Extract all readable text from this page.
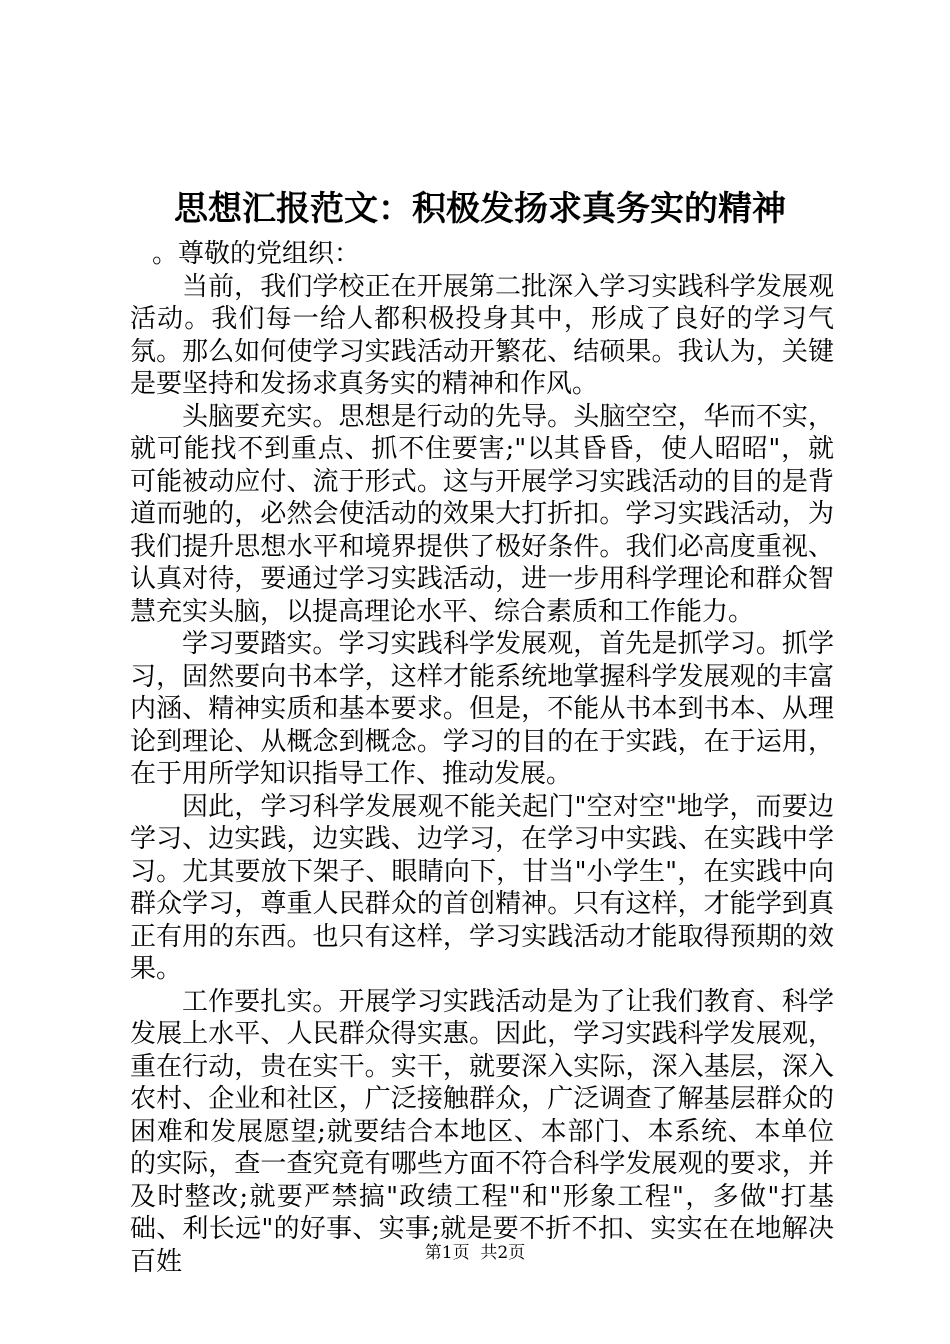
思想汇报范文：积极发扬求真务实的精神

。尊敬的党组织：

当前，我们学校正在开展第二批深入学习实践科学发展观活动。我们每一给人都积极投身其中，形成了良好的学习气氛。那么如何使学习实践活动开繁花、结硕果。我认为，关键是要坚持和发扬求真务实的精神和作风。

头脑要充实。思想是行动的先导。头脑空空，华而不实，就可能找不到重点、抓不住要害;"以其昏昏，使人昭昭"，就可能被动应付、流于形式。这与开展学习实践活动的目的是背道而驰的，必然会使活动的效果大打折扣。学习实践活动，为我们提升思想水平和境界提供了极好条件。我们必高度重视、认真对待，要通过学习实践活动，进一步用科学理论和群众智慧充实头脑，以提高理论水平、综合素质和工作能力。

学习要踏实。学习实践科学发展观，首先是抓学习。抓学习，固然要向书本学，这样才能系统地掌握科学发展观的丰富内涵、精神实质和基本要求。但是，不能从书本到书本、从理论到理论、从概念到概念。学习的目的在于实践，在于运用，在于用所学知识指导工作、推动发展。

因此，学习科学发展观不能关起门"空对空"地学，而要边学习、边实践，边实践、边学习，在学习中实践、在实践中学习。尤其要放下架子、眼睛向下，甘当"小学生"，在实践中向群众学习，尊重人民群众的首创精神。只有这样，才能学到真正有用的东西。也只有这样，学习实践活动才能取得预期的效果。

工作要扎实。开展学习实践活动是为了让我们教育、科学发展上水平、人民群众得实惠。因此，学习实践科学发展观，重在行动，贵在实干。实干，就要深入实际，深入基层，深入农村、企业和社区，广泛接触群众，广泛调查了解基层群众的困难和发展愿望;就要结合本地区、本部门、本系统、本单位的实际，查一查究竟有哪些方面不符合科学发展观的要求，并及时整改;就要严禁搞"政绩工程"和"形象工程"，多做"打基础、利长远"的好事、实事;就是要不折不扣、实实在在地解决百姓	第1页  共2页
